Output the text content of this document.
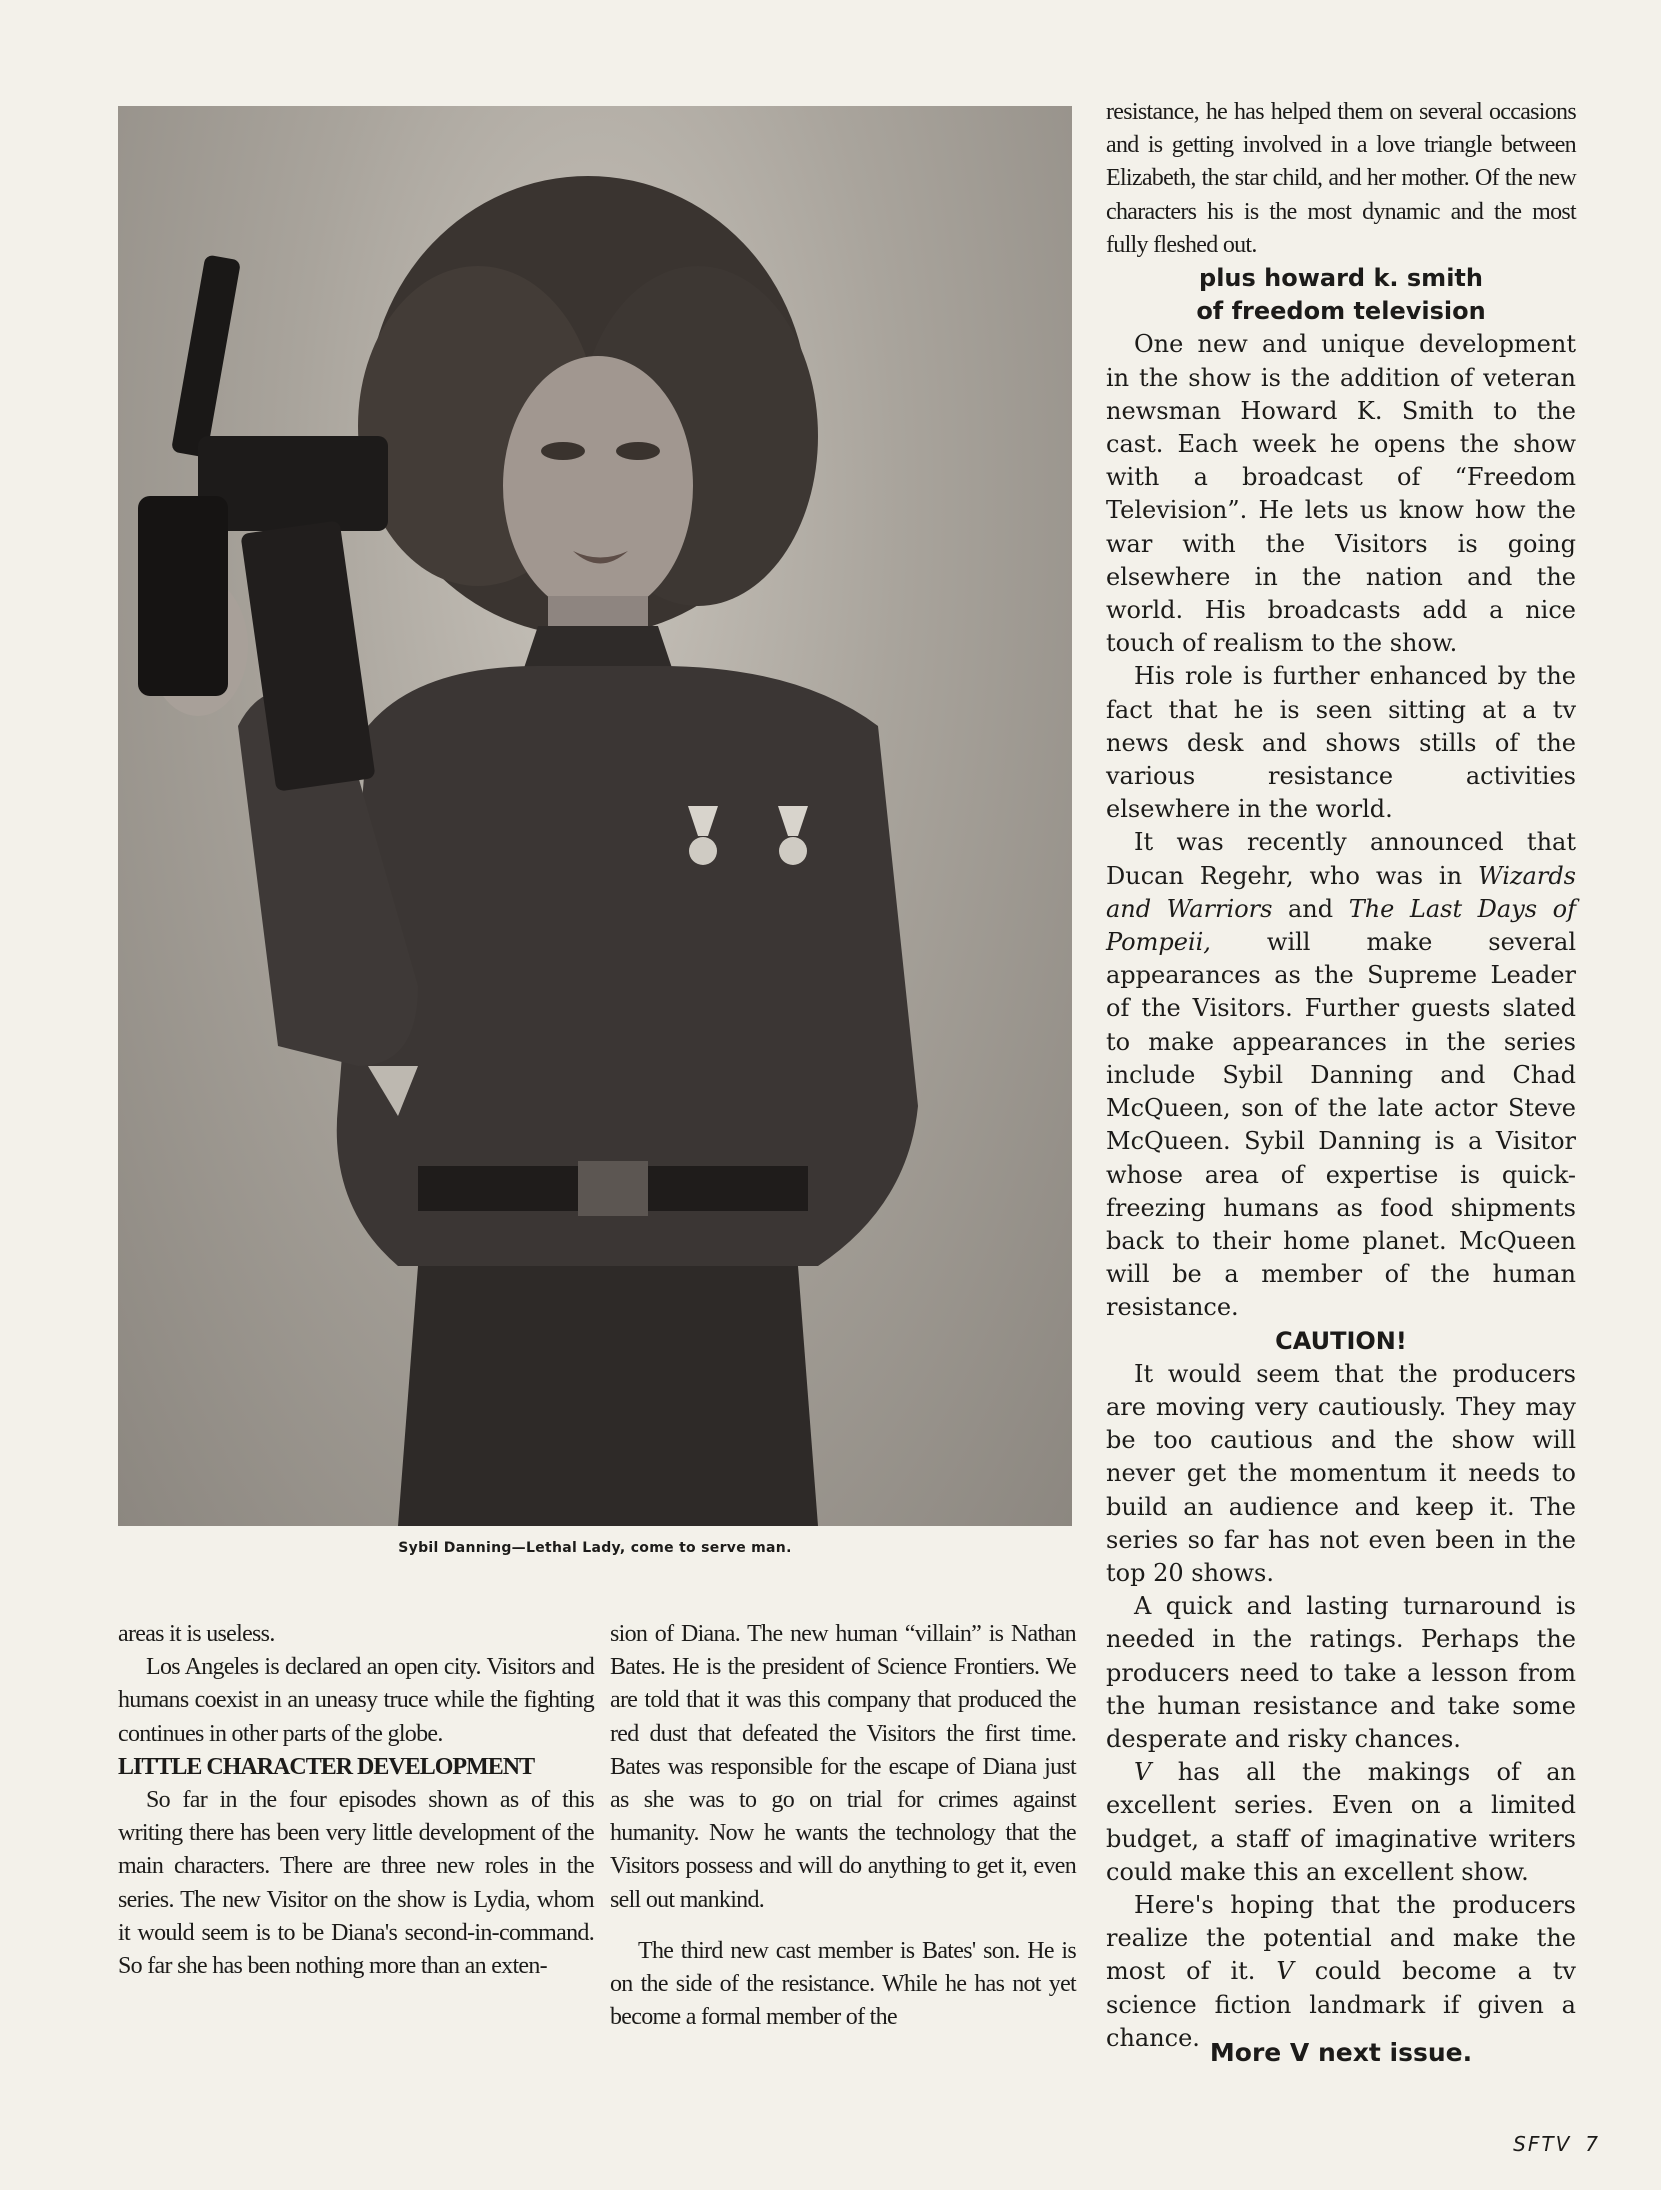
Sybil Danning—Lethal Lady, come to serve man.

areas it is useless.

Los Angeles is declared an open city. Visitors and humans coexist in an uneasy truce while the fighting continues in other parts of the globe.

LITTLE CHARACTER DEVELOPMENT

So far in the four episodes shown as of this writing there has been very little development of the main characters. There are three new roles in the series. The new Visitor on the show is Lydia, whom it would seem is to be Diana's second-in-command. So far she has been nothing more than an exten-

sion of Diana. The new human “villain” is Nathan Bates. He is the president of Science Frontiers. We are told that it was this company that produced the red dust that defeated the Visitors the first time. Bates was responsible for the escape of Diana just as she was to go on trial for crimes against humanity. Now he wants the technology that the Visitors possess and will do anything to get it, even sell out mankind.

The third new cast member is Bates' son. He is on the side of the resistance. While he has not yet become a formal member of the

resistance, he has helped them on several occasions and is getting involved in a love triangle between Elizabeth, the star child, and her mother. Of the new characters his is the most dynamic and the most fully fleshed out.

plus howard k. smith

of freedom television

One new and unique development in the show is the addition of veteran newsman Howard K. Smith to the cast. Each week he opens the show with a broadcast of “Freedom Television”. He lets us know how the war with the Visitors is going elsewhere in the nation and the world. His broadcasts add a nice touch of realism to the show.

His role is further enhanced by the fact that he is seen sitting at a tv news desk and shows stills of the various resistance activities elsewhere in the world.

It was recently announced that Ducan Regehr, who was in Wizards and Warriors and The Last Days of Pompeii, will make several appearances as the Supreme Leader of the Visitors. Further guests slated to make appearances in the series include Sybil Danning and Chad McQueen, son of the late actor Steve McQueen. Sybil Danning is a Visitor whose area of expertise is quick-freezing humans as food shipments back to their home planet. McQueen will be a member of the human resistance.

CAUTION!

It would seem that the producers are moving very cautiously. They may be too cautious and the show will never get the momentum it needs to build an audience and keep it. The series so far has not even been in the top 20 shows.

A quick and lasting turnaround is needed in the ratings. Perhaps the producers need to take a lesson from the human resistance and take some desperate and risky chances.

V has all the makings of an excellent series. Even on a limited budget, a staff of imaginative writers could make this an excellent show.

Here's hoping that the producers realize the potential and make the most of it. V could become a tv science fiction landmark if given a chance.

More V next issue.
SFTV 7
